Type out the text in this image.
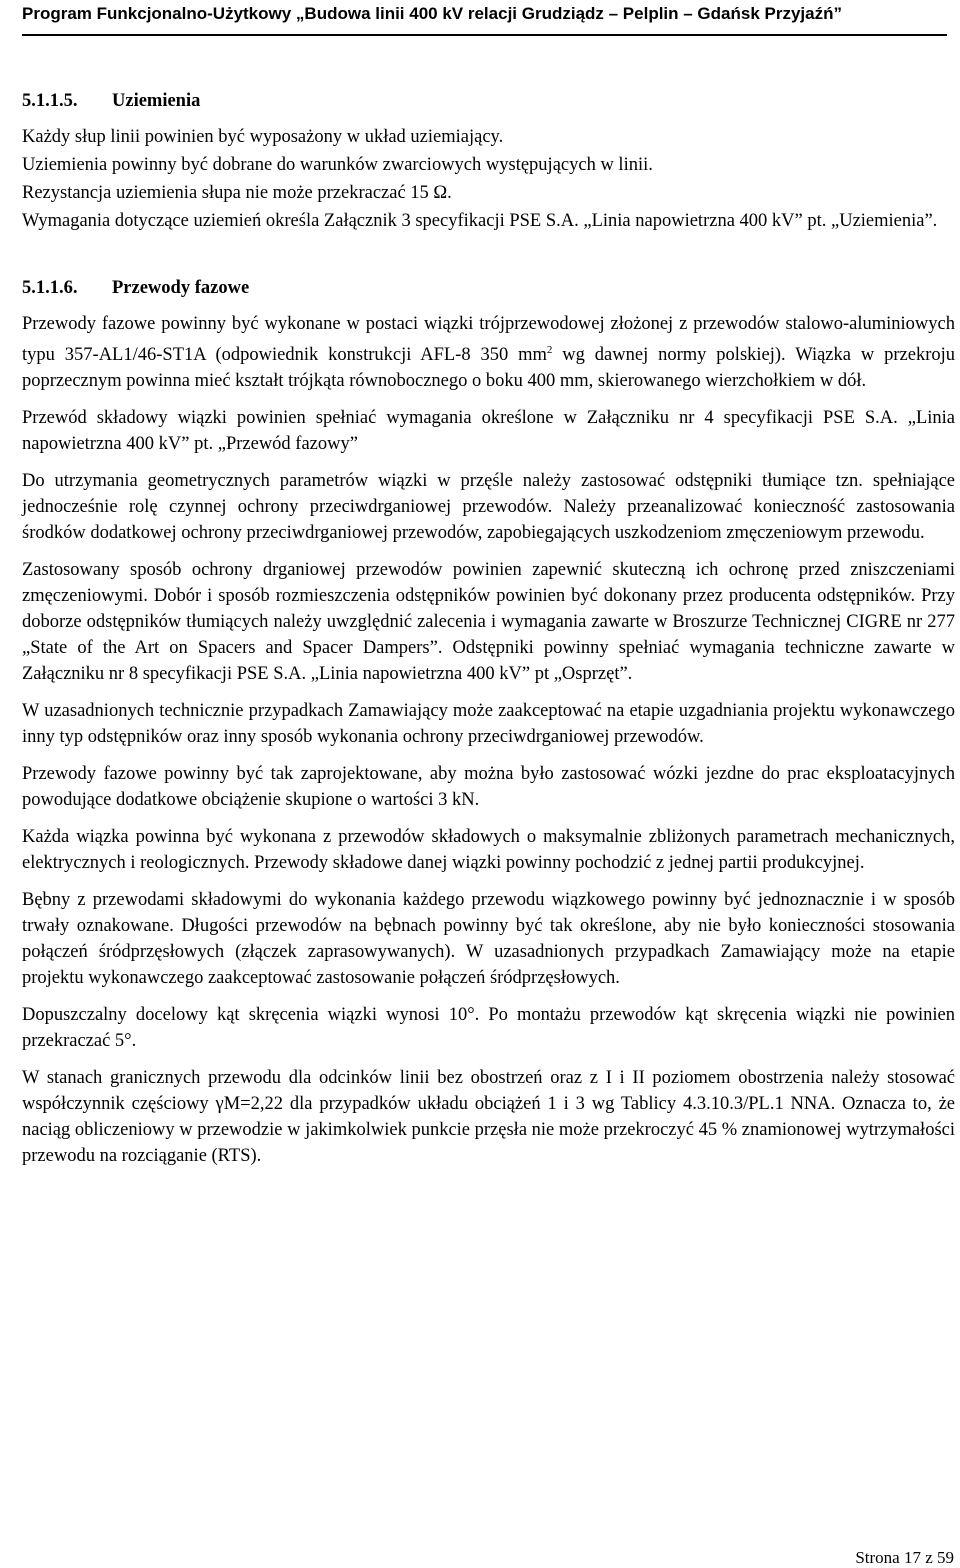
Program Funkcjonalno-Użytkowy „Budowa linii 400 kV relacji Grudziądz – Pelplin – Gdańsk Przyjaźń”
5.1.1.5. Uziemienia

Każdy słup linii powinien być wyposażony w układ uziemiający.

Uziemienia powinny być dobrane do warunków zwarciowych występujących w linii.

Rezystancja uziemienia słupa nie może przekraczać 15 Ω.

Wymagania dotyczące uziemień określa Załącznik 3 specyfikacji PSE S.A. „Linia napowietrzna 400 kV” pt. „Uziemienia”.

5.1.1.6. Przewody fazowe

Przewody fazowe powinny być wykonane w postaci wiązki trójprzewodowej złożonej z przewodów stalowo-aluminiowych typu 357-AL1/46-ST1A (odpowiednik konstrukcji AFL-8 350 $mm^2$ wg dawnej normy polskiej). Wiązka w przekroju poprzecznym powinna mieć kształt trójkąta równobocznego o boku 400 mm, skierowanego wierzchołkiem w dół.

Przewód składowy wiązki powinien spełniać wymagania określone w Załączniku nr 4 specyfikacji PSE S.A. „Linia napowietrzna 400 kV” pt. „Przewód fazowy”

Do utrzymania geometrycznych parametrów wiązki w przęśle należy zastosować odstępniki tłumiące tzn. spełniające jednocześnie rolę czynnej ochrony przeciwdrganiowej przewodów. Należy przeanalizować konieczność zastosowania środków dodatkowej ochrony przeciwdrganiowej przewodów, zapobiegających uszkodzeniom zmęczeniowym przewodu.

Zastosowany sposób ochrony drganiowej przewodów powinien zapewnić skuteczną ich ochronę przed zniszczeniami zmęczeniowymi. Dobór i sposób rozmieszczenia odstępników powinien być dokonany przez producenta odstępników. Przy doborze odstępników tłumiących należy uwzględnić zalecenia i wymagania zawarte w Broszurze Technicznej CIGRE nr 277 „State of the Art on Spacers and Spacer Dampers”. Odstępniki powinny spełniać wymagania techniczne zawarte w Załączniku nr 8 specyfikacji PSE S.A. „Linia napowietrzna 400 kV” pt „Osprzęt”.

W uzasadnionych technicznie przypadkach Zamawiający może zaakceptować na etapie uzgadniania projektu wykonawczego inny typ odstępników oraz inny sposób wykonania ochrony przeciwdrganiowej przewodów.

Przewody fazowe powinny być tak zaprojektowane, aby można było zastosować wózki jezdne do prac eksploatacyjnych powodujące dodatkowe obciążenie skupione o wartości 3 kN.

Każda wiązka powinna być wykonana z przewodów składowych o maksymalnie zbliżonych parametrach mechanicznych, elektrycznych i reologicznych. Przewody składowe danej wiązki powinny pochodzić z jednej partii produkcyjnej.

Bębny z przewodami składowymi do wykonania każdego przewodu wiązkowego powinny być jednoznacznie i w sposób trwały oznakowane. Długości przewodów na bębnach powinny być tak określone, aby nie było konieczności stosowania połączeń śródprzęsłowych (złączek zaprasowywanych). W uzasadnionych przypadkach Zamawiający może na etapie projektu wykonawczego zaakceptować zastosowanie połączeń śródprzęsłowych.

Dopuszczalny docelowy kąt skręcenia wiązki wynosi 10°. Po montażu przewodów kąt skręcenia wiązki nie powinien przekraczać 5°.

W stanach granicznych przewodu dla odcinków linii bez obostrzeń oraz z I i II poziomem obostrzenia należy stosować współczynnik częściowy γM=2,22 dla przypadków układu obciążeń 1 i 3 wg Tablicy 4.3.10.3/PL.1 NNA. Oznacza to, że naciąg obliczeniowy w przewodzie w jakimkolwiek punkcie przęsła nie może przekroczyć 45 % znamionowej wytrzymałości przewodu na rozciąganie (RTS).

Strona 17 z 59
